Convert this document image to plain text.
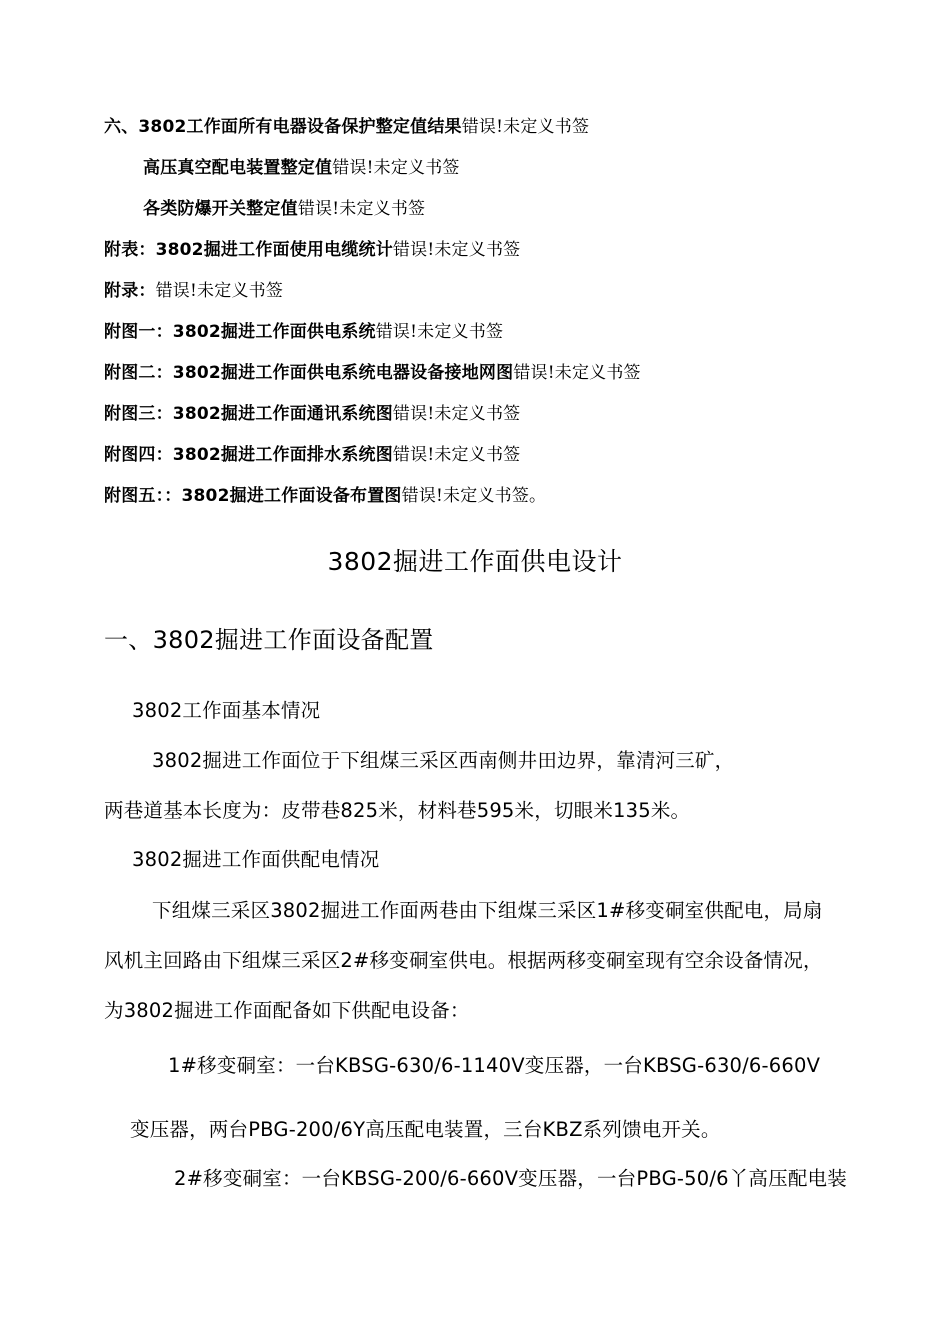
六、3802工作面所有电器设备保护整定值结果错误!未定义书签
高压真空配电装置整定值错误!未定义书签
各类防爆开关整定值错误!未定义书签
附表：3802掘进工作面使用电缆统计错误!未定义书签
附录：错误!未定义书签
附图一：3802掘进工作面供电系统错误!未定义书签
附图二：3802掘进工作面供电系统电器设备接地网图错误!未定义书签
附图三：3802掘进工作面通讯系统图错误!未定义书签
附图四：3802掘进工作面排水系统图错误!未定义书签
附图五：：3802掘进工作面设备布置图错误!未定义书签。
3802掘进工作面供电设计
一、3802掘进工作面设备配置
3802工作面基本情况
3802掘进工作面位于下组煤三采区西南侧井田边界，靠清河三矿，
两巷道基本长度为：皮带巷825米，材料巷595米，切眼米135米。
3802掘进工作面供配电情况
下组煤三采区3802掘进工作面两巷由下组煤三采区1#移变硐室供配电，局扇
风机主回路由下组煤三采区2#移变硐室供电。根据两移变硐室现有空余设备情况，
为3802掘进工作面配备如下供配电设备：
1#移变硐室：一台KBSG-630/6-1140V变压器，一台KBSG-630/6-660V
变压器，两台PBG-200/6Y高压配电装置，三台KBZ系列馈电开关。
2#移变硐室：一台KBSG-200/6-660V变压器，一台PBG-50/6丫高压配电装
